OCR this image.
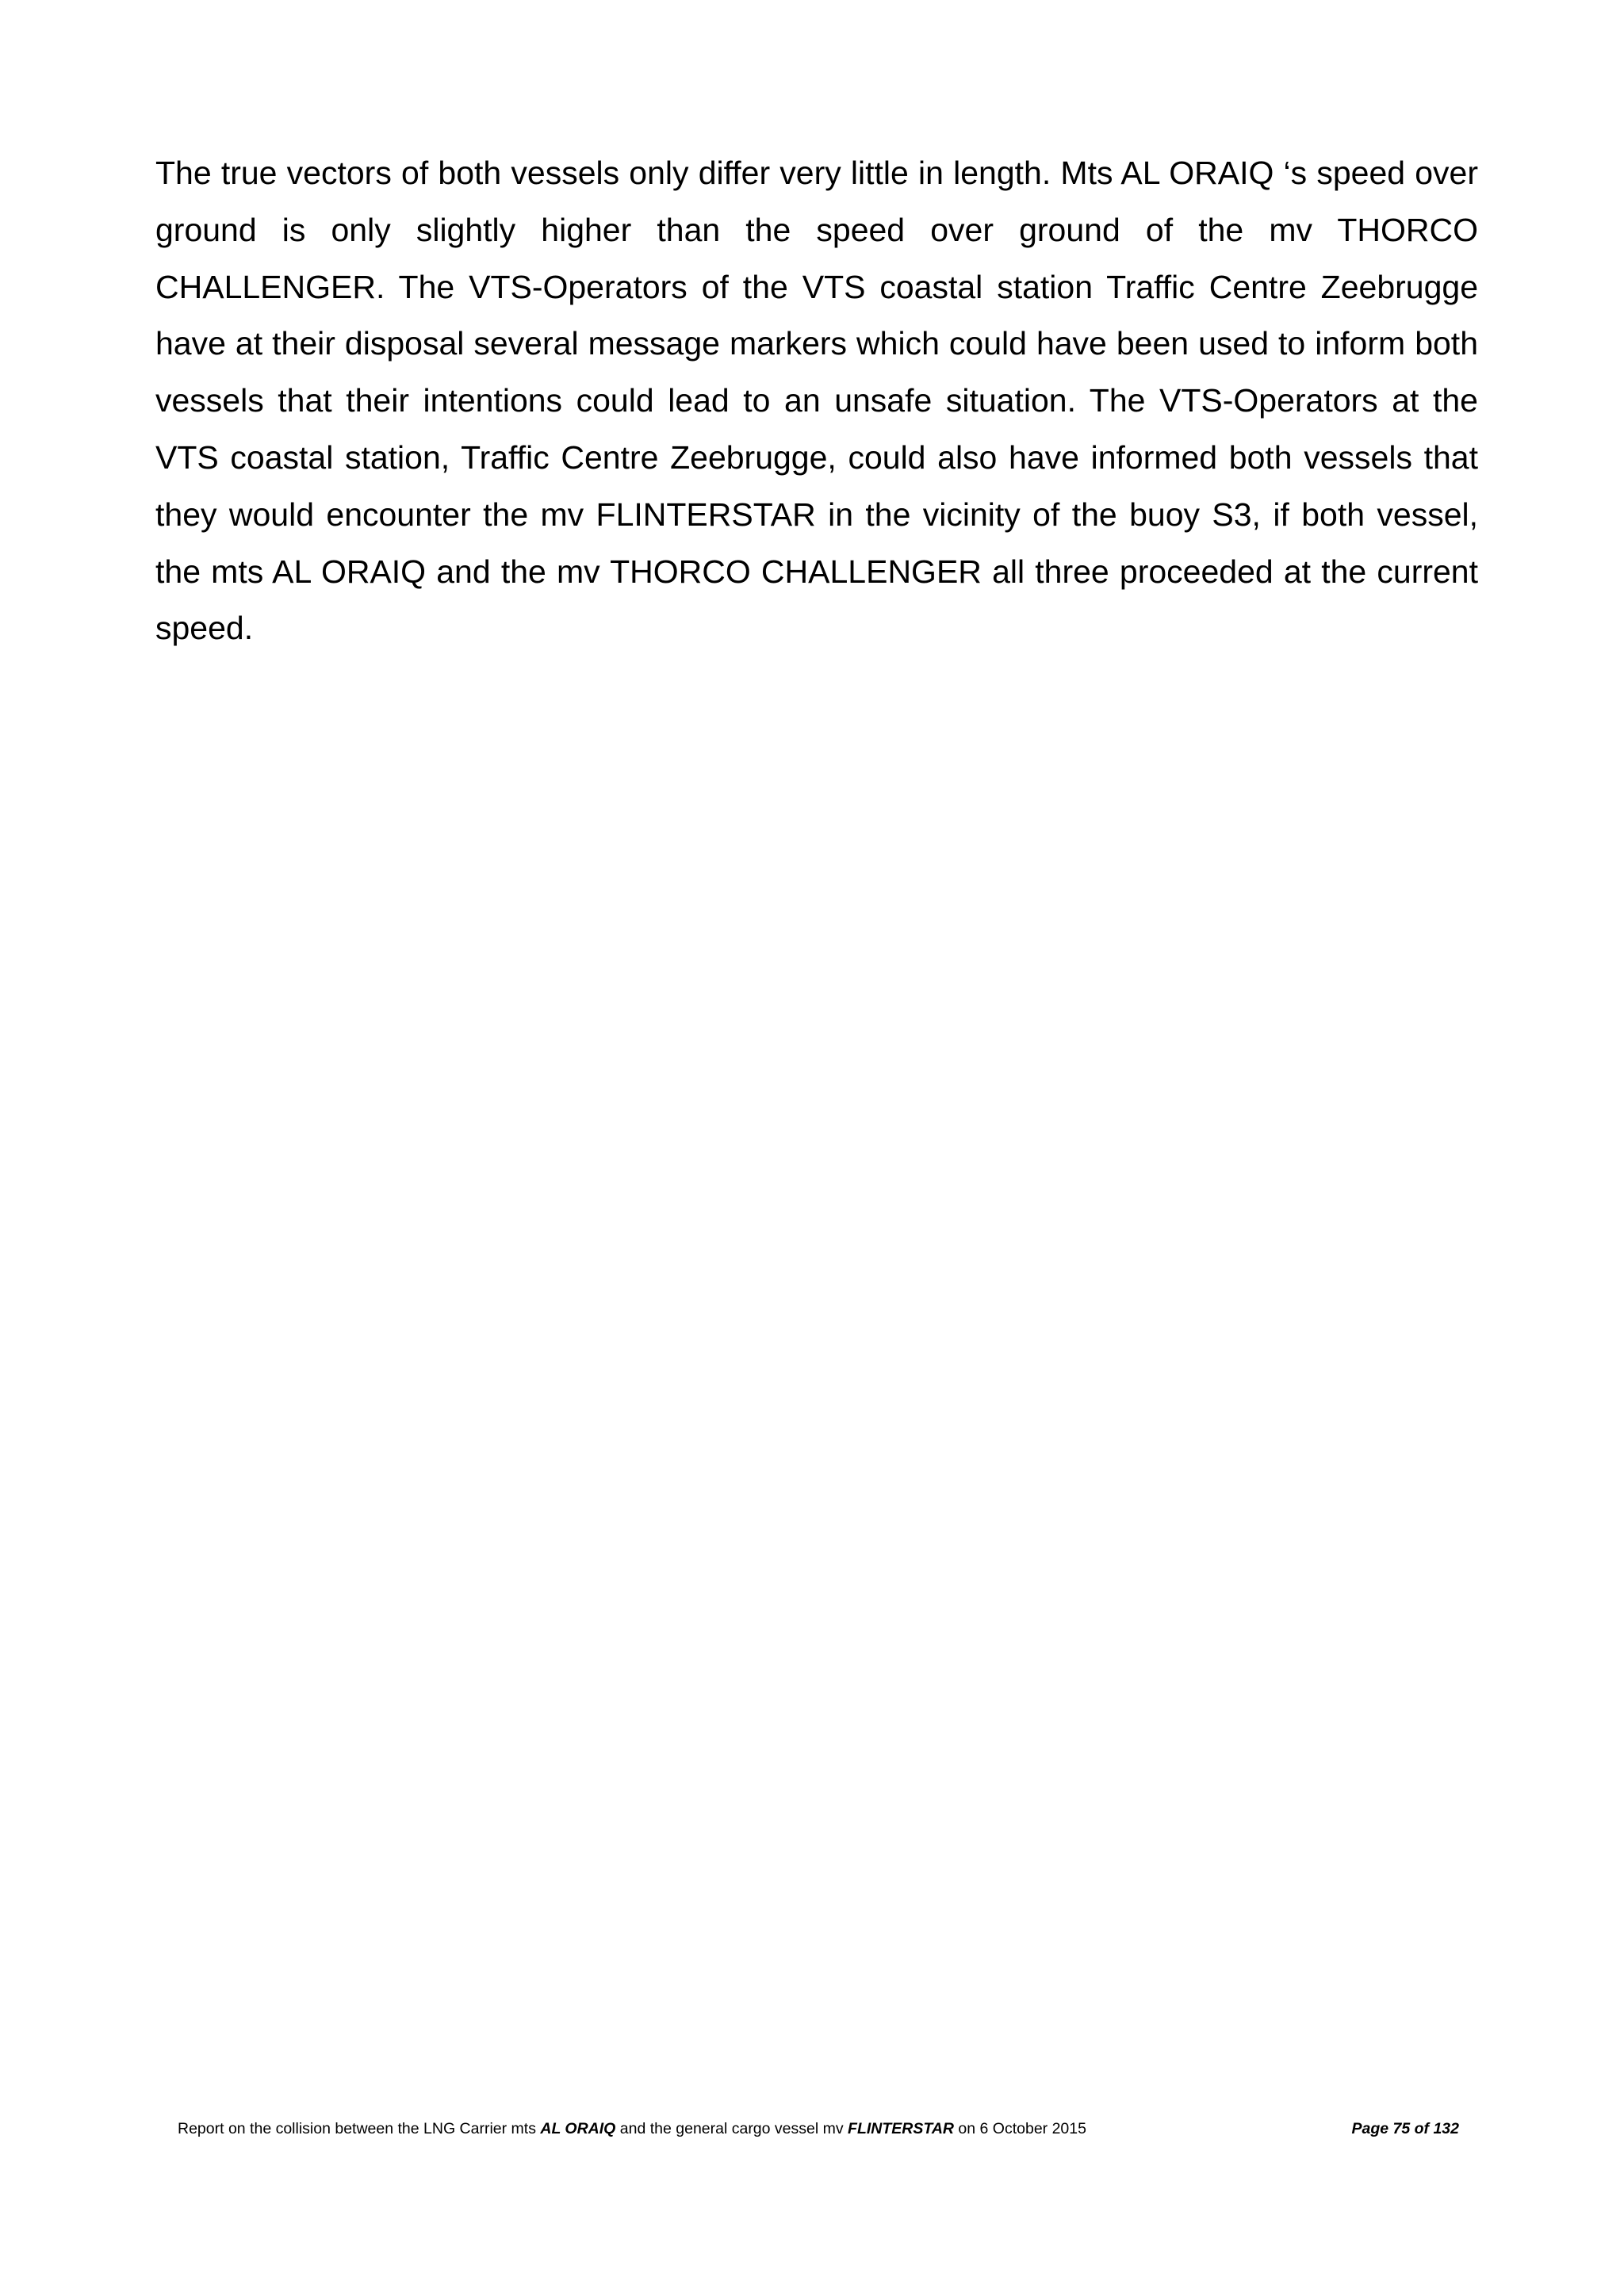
The true vectors of both vessels only differ very little in length. Mts AL ORAIQ ‘s speed over ground is only slightly higher than the speed over ground of the mv THORCO CHALLENGER. The VTS-Operators of the VTS coastal station Traffic Centre Zeebrugge have at their disposal several message markers which could have been used to inform both vessels that their intentions could lead to an unsafe situation. The VTS-Operators at the VTS coastal station, Traffic Centre Zeebrugge, could also have informed both vessels that they would encounter the mv FLINTERSTAR in the vicinity of the buoy S3, if both vessel, the mts AL ORAIQ and the mv THORCO CHALLENGER all three proceeded at the current speed.

Report on the collision between the LNG Carrier mts AL ORAIQ and the general cargo vessel mv FLINTERSTAR on 6 October 2015	Page 75 of 132
